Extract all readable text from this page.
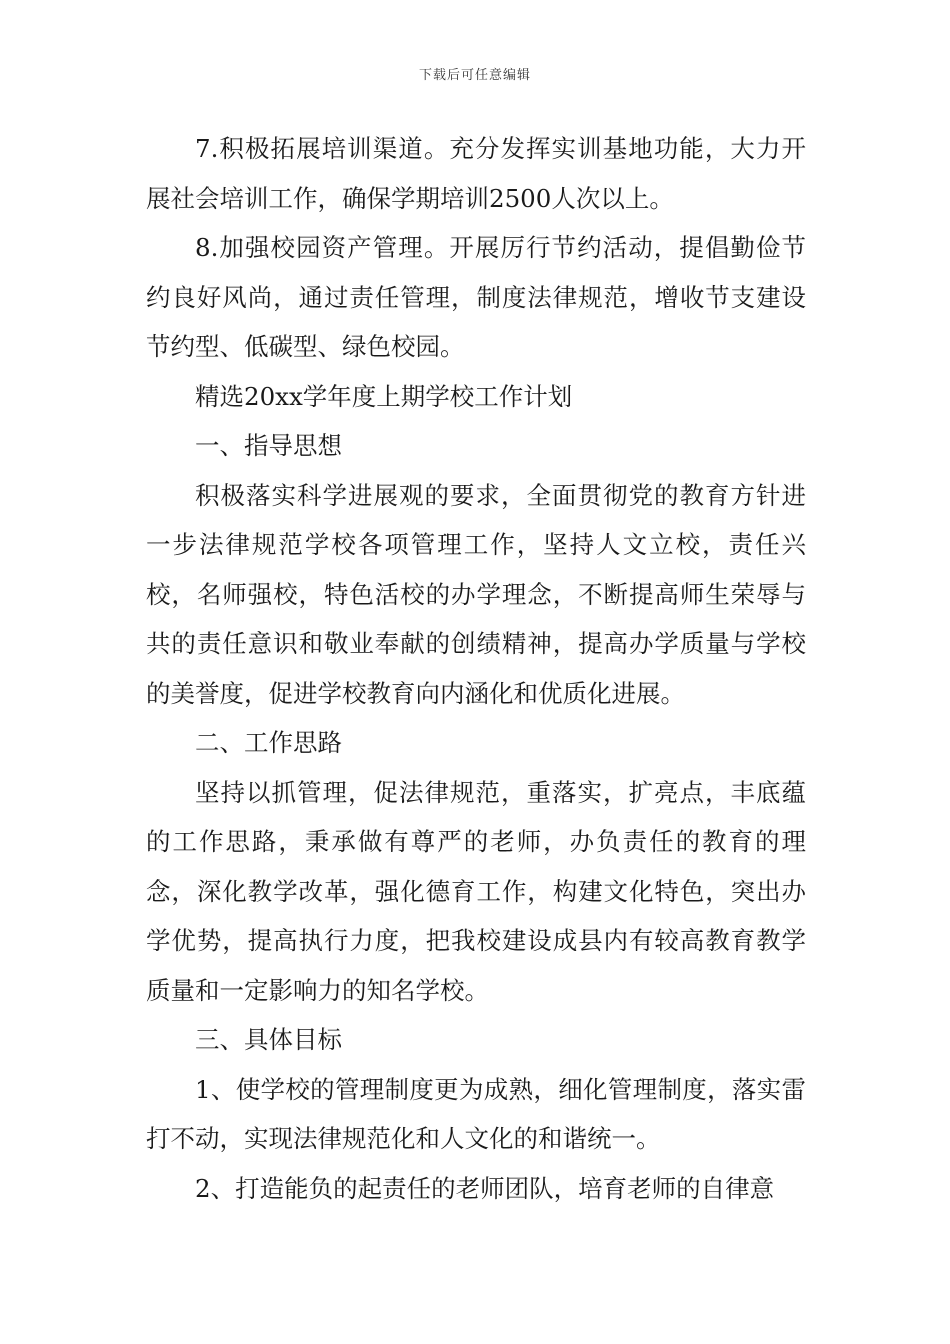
下载后可任意编辑

7.积极拓展培训渠道。充分发挥实训基地功能，大力开展社会培训工作，确保学期培训2500人次以上。

8.加强校园资产管理。开展厉行节约活动，提倡勤俭节约良好风尚，通过责任管理，制度法律规范，增收节支建设节约型、低碳型、绿色校园。

精选20xx学年度上期学校工作计划

一、指导思想

积极落实科学进展观的要求，全面贯彻党的教育方针进一步法律规范学校各项管理工作，坚持人文立校，责任兴校，名师强校，特色活校的办学理念，不断提高师生荣辱与共的责任意识和敬业奉献的创绩精神，提高办学质量与学校的美誉度，促进学校教育向内涵化和优质化进展。

二、工作思路

坚持以抓管理，促法律规范，重落实，扩亮点，丰底蕴的工作思路，秉承做有尊严的老师，办负责任的教育的理念，深化教学改革，强化德育工作，构建文化特色，突出办学优势，提高执行力度，把我校建设成县内有较高教育教学质量和一定影响力的知名学校。

三、具体目标

1、使学校的管理制度更为成熟，细化管理制度，落实雷打不动，实现法律规范化和人文化的和谐统一。

2、打造能负的起责任的老师团队，培育老师的自律意
